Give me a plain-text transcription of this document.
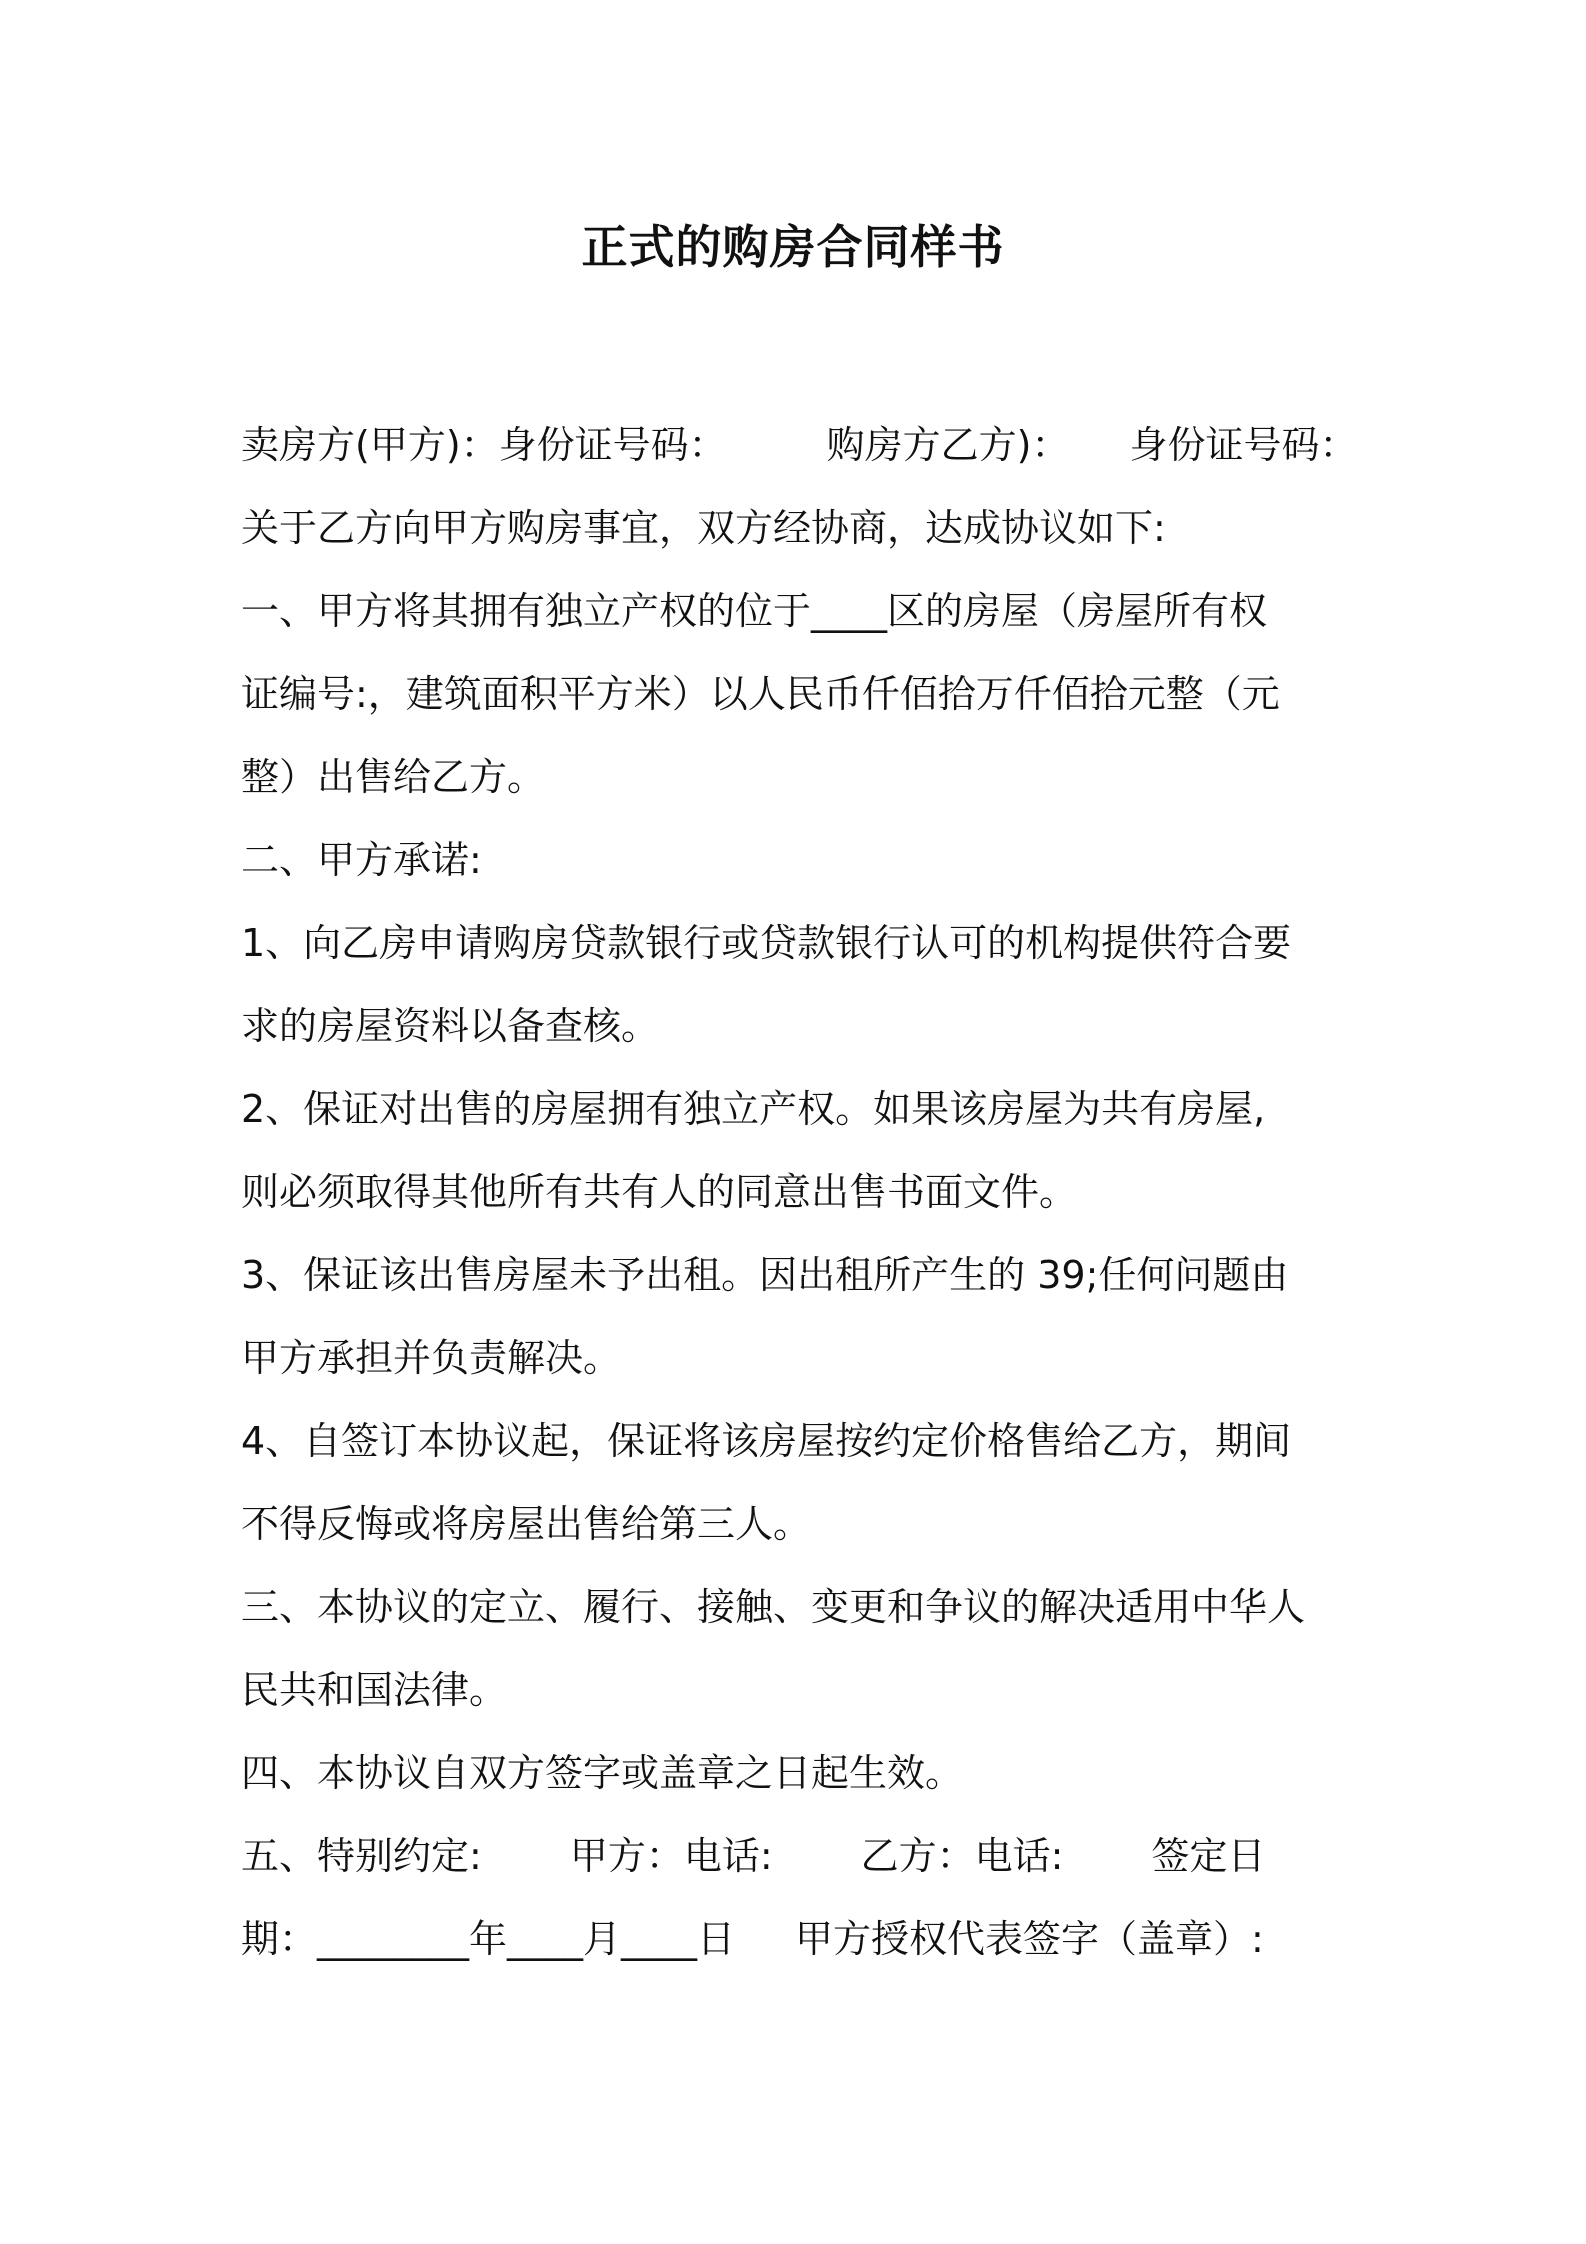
正式的购房合同样书
卖房方(甲方)：身份证号码：	购房方乙方)： 身份证号码：
关于乙方向甲方购房事宜，双方经协商，达成协议如下:
一、甲方将其拥有独立产权的位于____区的房屋（房屋所有权
证编号:，建筑面积平方米）以人民币仟佰拾万仟佰拾元整（元
整）出售给乙方。
二、甲方承诺:
1、向乙房申请购房贷款银行或贷款银行认可的机构提供符合要
求的房屋资料以备查核。
2、保证对出售的房屋拥有独立产权。如果该房屋为共有房屋,
则必须取得其他所有共有人的同意出售书面文件。
3、保证该出售房屋未予出租。因出租所产生的 39;任何问题由
甲方承担并负责解决。
4、自签订本协议起，保证将该房屋按约定价格售给乙方，期间
不得反悔或将房屋出售给第三人。
三、本协议的定立、履行、接触、变更和争议的解决适用中华人
民共和国法律。
四、本协议自双方签字或盖章之日起生效。
五、特别约定: 甲方：电话: 乙方：电话: 签定日
期：________年____月____日 甲方授权代表签字（盖章）:
